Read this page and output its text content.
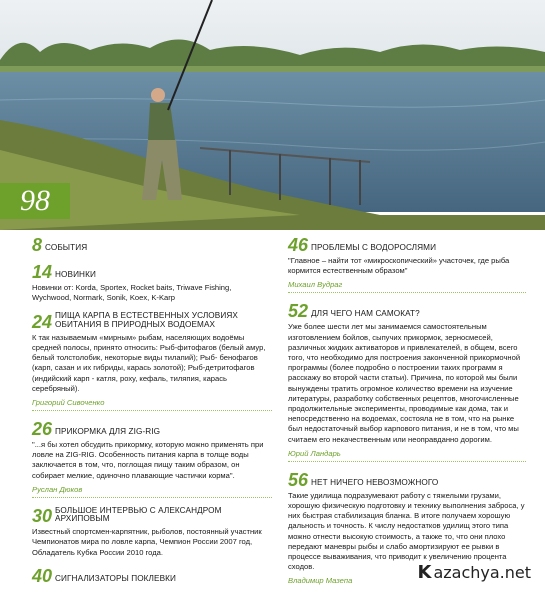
98
8 СОБЫТИЯ
14 НОВИНКИ
Новинки от: Korda, Sportex, Rocket baits, Triwave Fishing, Wychwood, Normark, Sonik, Koex, K-Karp
24 ПИЩА КАРПА В ЕСТЕСТВЕННЫХ УСЛОВИЯХ ОБИТАНИЯ В ПРИРОДНЫХ ВОДОЕМАХ
К так называемым «мирным» рыбам, населяющих водоёмы средней полосы, принято относить: Рыб-фитофагов (белый амур, белый толстолобик, некоторые виды тилапий); Рыб- бенофагов (карп, сазан и их гибриды, карась золотой); Рыб-детритофагов (индийский карп - катля, роху, кефаль, тиляпия, карась серебряный).
Григорий Сивоченко
26 ПРИКОРМКА ДЛЯ ZIG-RIG
"...я бы хотел обсудить прикормку, которую можно применять при ловле на ZIG-RIG. Особенность питания карпа в толще воды заключается в том, что, поглощая пищу таким образом, он собирает мелкие, одиночно плавающие частички корма".
Руслан Дюков
30 БОЛЬШОЕ ИНТЕРВЬЮ С АЛЕКСАНДРОМ АРХИПОВЫМ
Известный спортсмен-карпятник, рыболов, постоянный участник Чемпионатов мира по ловле карпа, Чемпион России 2007 год, Обладатель Кубка России 2010 года.
40 СИГНАЛИЗАТОРЫ ПОКЛЕВКИ
46 ПРОБЛЕМЫ С ВОДОРОСЛЯМИ
"Главное – найти тот «микроскопический» участочек, где рыба кормится естественным образом"
Михаил Вудраг
52 ДЛЯ ЧЕГО НАМ САМОКАТ?
Уже более шести лет мы занимаемся самостоятельным изготовлением бойлов, сыпучих прикормок, зерносмесей, различных жидких активаторов и привлекателей, в общем, всего того, что необходимо для построения законченной прикормочной программы (более подробно о построении таких программ я расскажу во второй части статьи). Причина, по которой мы были вынуждены тратить огромное количество времени на изучение литературы, разработку собственных рецептов, многочисленные продолжительные эксперименты, проводимые как дома, так и непосредственно на водоемах, состояла не в том, что на рынке был недостаточный выбор карпового питания, и не в том, что мы считаем его некачественным или неоправданно дорогим.
Юрий Ландарь
56 НЕТ НИЧЕГО НЕВОЗМОЖНОГО
Такие удилища подразумевают работу с тяжелыми грузами, хорошую физическую подготовку и технику выполнения заброса, у них быстрая стабилизация бланка. В итоге получаем хорошую дальность и точность. К числу недостатков удилищ этого типа можно отнести высокую стоимость, а также то, что они плохо передают маневры рыбы и слабо амортизируют ее рывки в процессе вываживания, что приводит к увеличению процента сходов.
Владимир Мазепа	K azachya.net
